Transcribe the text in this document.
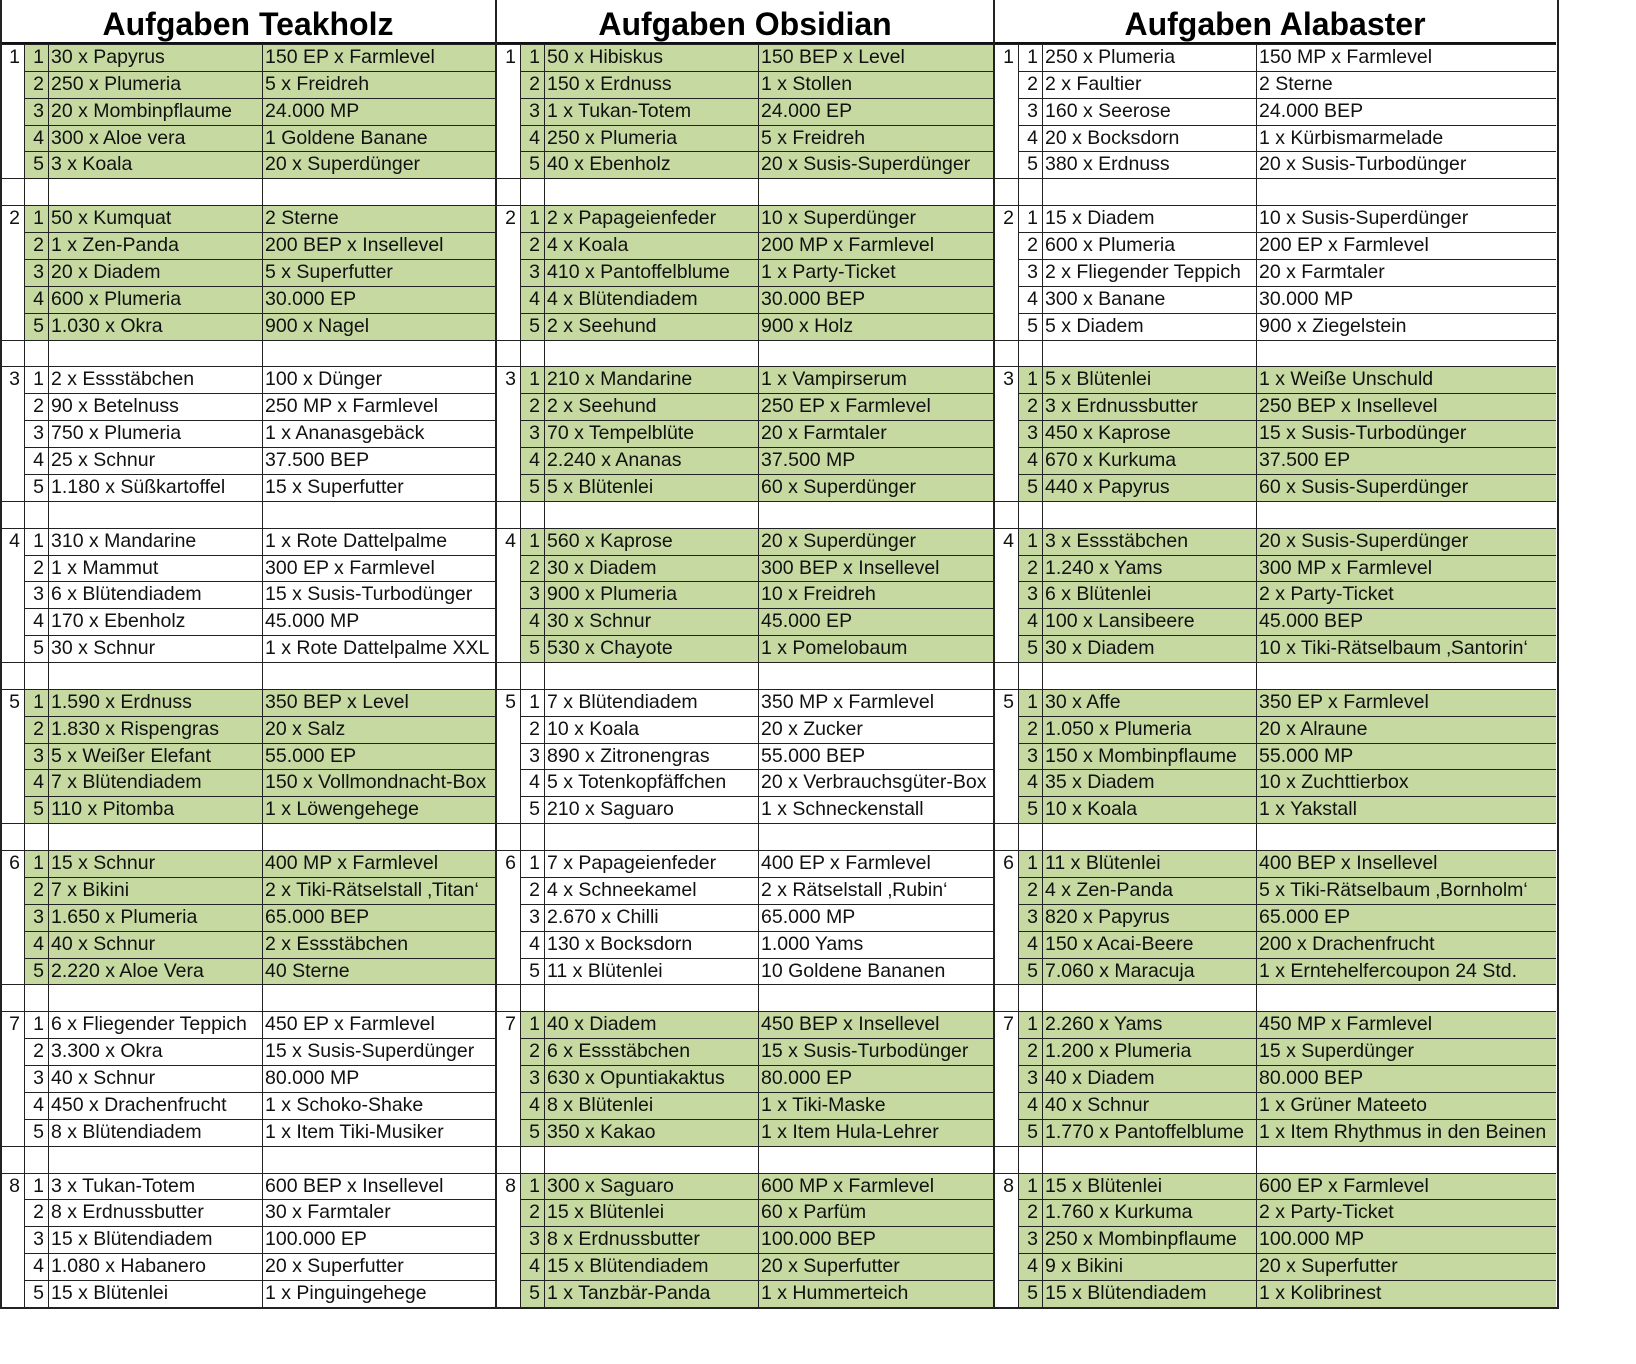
Aufgaben Teakholz
1 1 30 x Papyrus	150 EP x Farmlevel
2 250 x Plumeria	5 x Freidreh
3 20 x Mombinpflaume	24.000 MP
4 300 x Aloe vera	1 Goldene Banane
5 3 x Koala	20 x Superdünger
2 1 50 x Kumquat	2 Sterne
2 1 x Zen-Panda	200 BEP x Insellevel
3 20 x Diadem	5 x Superfutter
4 600 x Plumeria	30.000 EP
5 1.030 x Okra	900 x Nagel
3 1 2 x Essstäbchen	100 x Dünger
2 90 x Betelnuss	250 MP x Farmlevel
3 750 x Plumeria	1 x Ananasgebäck
4 25 x Schnur	37.500 BEP
5 1.180 x Süßkartoffel	15 x Superfutter
4 1 310 x Mandarine	1 x Rote Dattelpalme
2 1 x Mammut	300 EP x Farmlevel
3 6 x Blütendiadem	15 x Susis-Turbodünger
4 170 x Ebenholz	45.000 MP
5 30 x Schnur	1 x Rote Dattelpalme XXL
5 1 1.590 x Erdnuss	350 BEP x Level
2 1.830 x Rispengras	20 x Salz
3 5 x Weißer Elefant	55.000 EP
4 7 x Blütendiadem	150 x Vollmondnacht-Box
5 110 x Pitomba	1 x Löwengehege
6 1 15 x Schnur	400 MP x Farmlevel
2 7 x Bikini	2 x Tiki-Rätselstall ‚Titan‘
3 1.650 x Plumeria	65.000 BEP
4 40 x Schnur	2 x Essstäbchen
5 2.220 x Aloe Vera	40 Sterne
7 1 6 x Fliegender Teppich 450 EP x Farmlevel
2 3.300 x Okra	15 x Susis-Superdünger
3 40 x Schnur	80.000 MP
4 450 x Drachenfrucht	1 x Schoko-Shake
5 8 x Blütendiadem	1 x Item Tiki-Musiker
8 1 3 x Tukan-Totem	600 BEP x Insellevel
2 8 x Erdnussbutter	30 x Farmtaler
3 15 x Blütendiadem	100.000 EP
4 1.080 x Habanero	20 x Superfutter
5 15 x Blütenlei	1 x Pinguingehege
Aufgaben Obsidian
1 1 50 x Hibiskus	150 BEP x Level
2 150 x Erdnuss	1 x Stollen
3 1 x Tukan-Totem	24.000 EP
4 250 x Plumeria	5 x Freidreh
5 40 x Ebenholz	20 x Susis-Superdünger
2 1 2 x Papageienfeder	10 x Superdünger
2 4 x Koala	200 MP x Farmlevel
3 410 x Pantoffelblume	1 x Party-Ticket
4 4 x Blütendiadem	30.000 BEP
5 2 x Seehund	900 x Holz
3 1 210 x Mandarine	1 x Vampirserum
2 2 x Seehund	250 EP x Farmlevel
3 70 x Tempelblüte	20 x Farmtaler
4 2.240 x Ananas	37.500 MP
5 5 x Blütenlei	60 x Superdünger
4 1 560 x Kaprose	20 x Superdünger
2 30 x Diadem	300 BEP x Insellevel
3 900 x Plumeria	10 x Freidreh
4 30 x Schnur	45.000 EP
5 530 x Chayote	1 x Pomelobaum
5 1 7 x Blütendiadem	350 MP x Farmlevel
2 10 x Koala	20 x Zucker
3 890 x Zitronengras	55.000 BEP
4 5 x Totenkopfäffchen	20 x Verbrauchsgüter-Box
5 210 x Saguaro	1 x Schneckenstall
6 1 7 x Papageienfeder	400 EP x Farmlevel
2 4 x Schneekamel	2 x Rätselstall ‚Rubin‘
3 2.670 x Chilli	65.000 MP
4 130 x Bocksdorn	1.000 Yams
5 11 x Blütenlei	10 Goldene Bananen
7 1 40 x Diadem	450 BEP x Insellevel
2 6 x Essstäbchen	15 x Susis-Turbodünger
3 630 x Opuntiakaktus	80.000 EP
4 8 x Blütenlei	1 x Tiki-Maske
5 350 x Kakao	1 x Item Hula-Lehrer
8 1 300 x Saguaro	600 MP x Farmlevel
2 15 x Blütenlei	60 x Parfüm
3 8 x Erdnussbutter	100.000 BEP
4 15 x Blütendiadem	20 x Superfutter
5 1 x Tanzbär-Panda	1 x Hummerteich
Aufgaben Alabaster
1 1 250 x Plumeria	150 MP x Farmlevel
2 2 x Faultier	2 Sterne
3 160 x Seerose	24.000 BEP
4 20 x Bocksdorn	1 x Kürbismarmelade
5 380 x Erdnuss	20 x Susis-Turbodünger
2 1 15 x Diadem	10 x Susis-Superdünger
2 600 x Plumeria	200 EP x Farmlevel
3 2 x Fliegender Teppich 20 x Farmtaler
4 300 x Banane	30.000 MP
5 5 x Diadem	900 x Ziegelstein
3 1 5 x Blütenlei	1 x Weiße Unschuld
2 3 x Erdnussbutter	250 BEP x Insellevel
3 450 x Kaprose	15 x Susis-Turbodünger
4 670 x Kurkuma	37.500 EP
5 440 x Papyrus	60 x Susis-Superdünger
4 1 3 x Essstäbchen	20 x Susis-Superdünger
2 1.240 x Yams	300 MP x Farmlevel
3 6 x Blütenlei	2 x Party-Ticket
4 100 x Lansibeere	45.000 BEP
5 30 x Diadem	10 x Tiki-Rätselbaum ‚Santorin‘
5 1 30 x Affe	350 EP x Farmlevel
2 1.050 x Plumeria	20 x Alraune
3 150 x Mombinpflaume	55.000 MP
4 35 x Diadem	10 x Zuchttierbox
5 10 x Koala	1 x Yakstall
6 1 11 x Blütenlei	400 BEP x Insellevel
2 4 x Zen-Panda	5 x Tiki-Rätselbaum ‚Bornholm‘
3 820 x Papyrus	65.000 EP
4 150 x Acai-Beere	200 x Drachenfrucht
5 7.060 x Maracuja	1 x Erntehelfercoupon 24 Std.
7 1 2.260 x Yams	450 MP x Farmlevel
2 1.200 x Plumeria	15 x Superdünger
3 40 x Diadem	80.000 BEP
4 40 x Schnur	1 x Grüner Mateeto
5 1.770 x Pantoffelblume 1 x Item Rhythmus in den Beinen
8 1 15 x Blütenlei	600 EP x Farmlevel
2 1.760 x Kurkuma	2 x Party-Ticket
3 250 x Mombinpflaume	100.000 MP
4 9 x Bikini	20 x Superfutter
5 15 x Blütendiadem	1 x Kolibrinest
